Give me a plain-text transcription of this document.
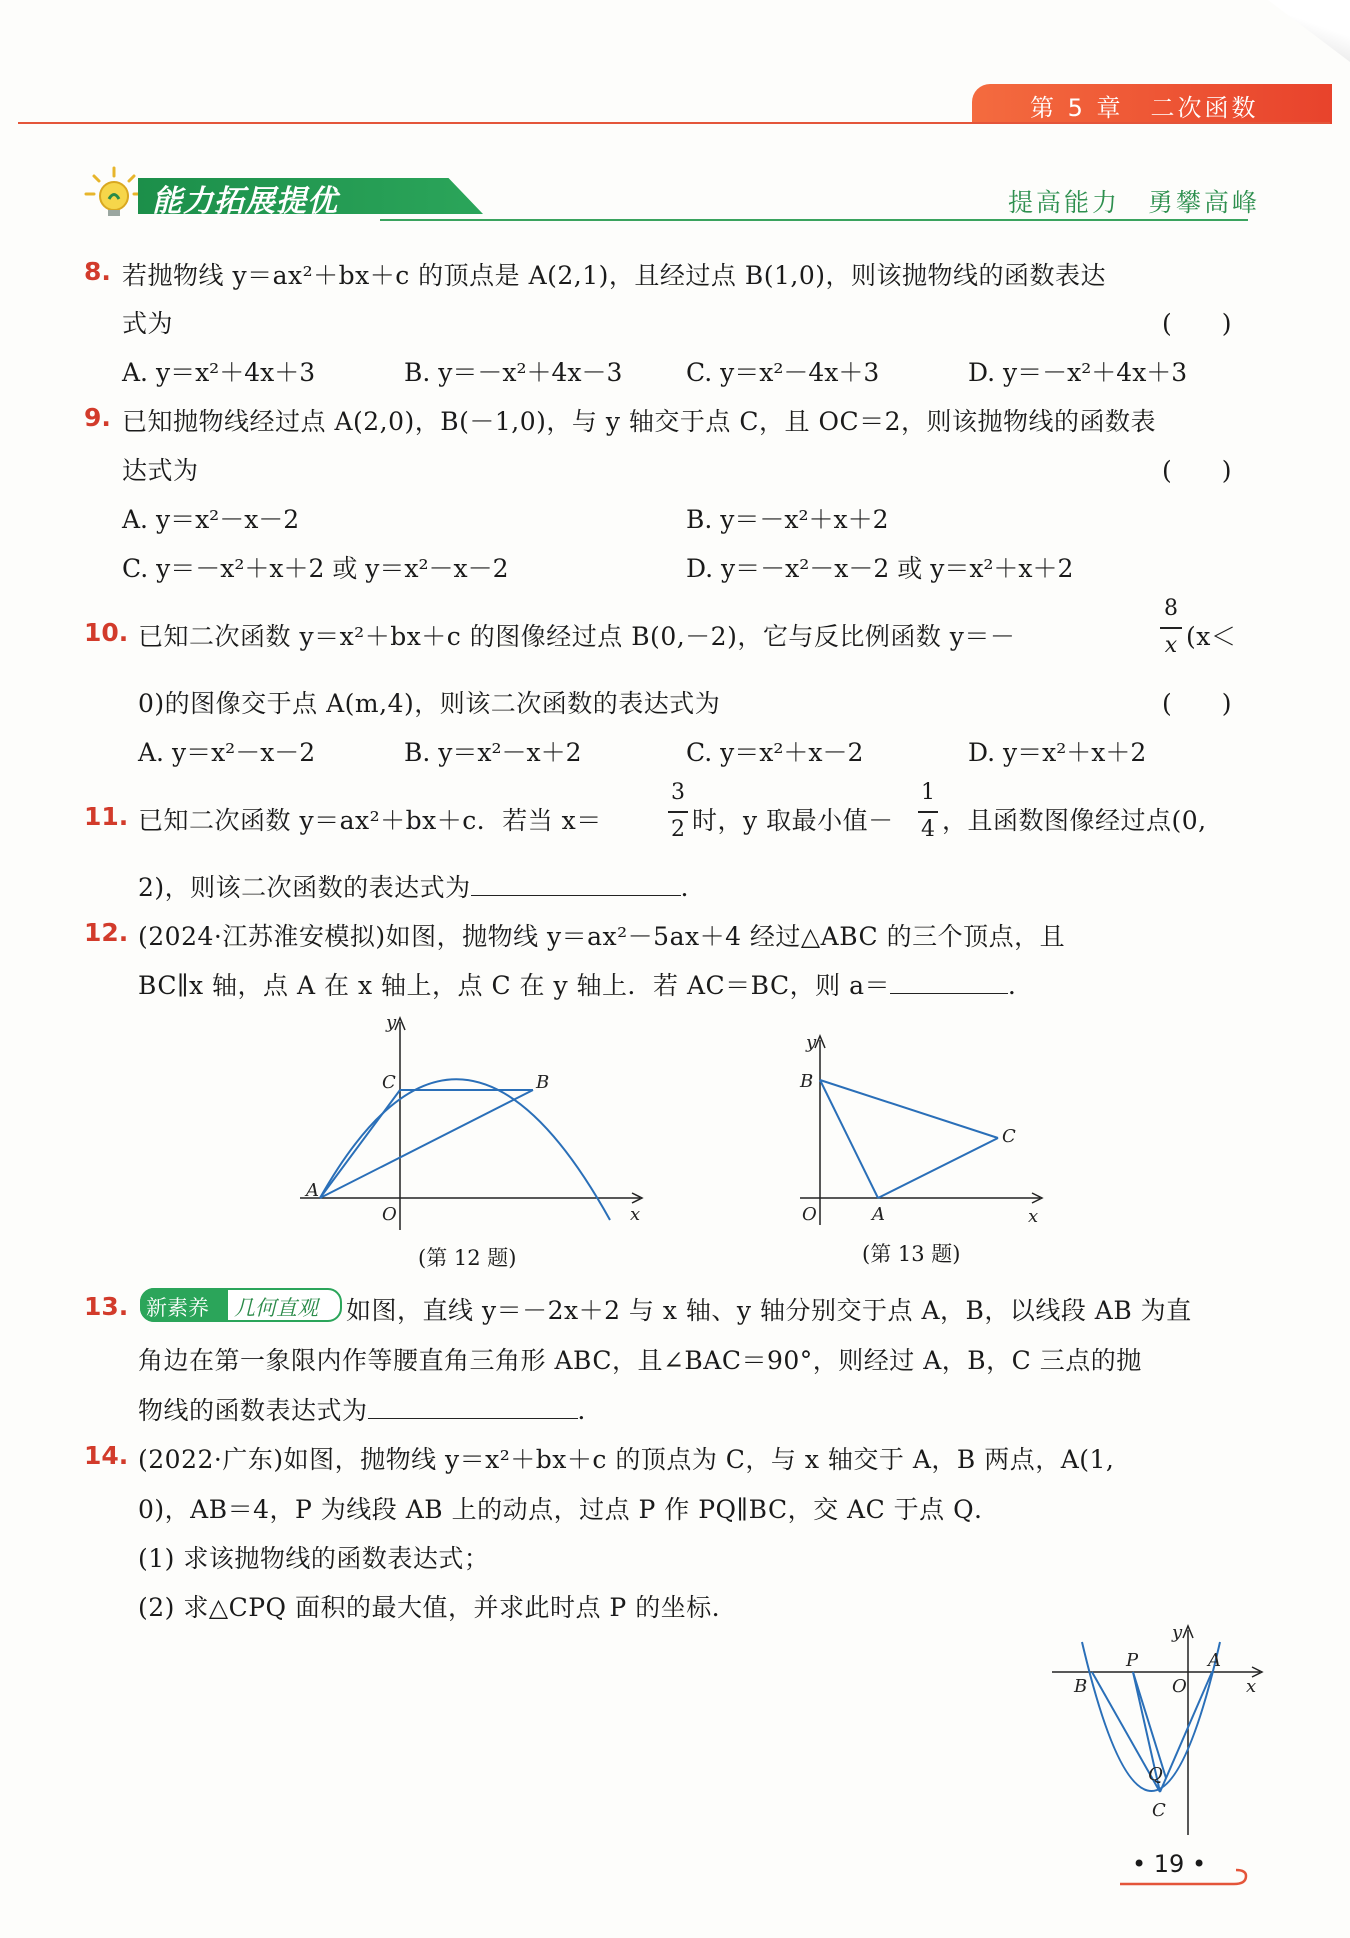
第 5 章　二次函数
能力拓展提优	提高能力　勇攀高峰
8. 若抛物线 y＝ax²＋bx＋c 的顶点是 A(2,1)，且经过点 B(1,0)，则该抛物线的函数表达
式为	(　　)
A. y＝x²＋4x＋3	B. y＝－x²＋4x－3	C. y＝x²－4x＋3	D. y＝－x²＋4x＋3
9. 已知抛物线经过点 A(2,0)，B(－1,0)，与 y 轴交于点 C，且 OC＝2，则该抛物线的函数表
达式为	(　　)
A. y＝x²－x－2	B. y＝－x²＋x＋2
C. y＝－x²＋x＋2 或 y＝x²－x－2	D. y＝－x²－x－2 或 y＝x²＋x＋2
10. 已知二次函数 y＝x²＋bx＋c 的图像经过点 B(0,－2)，它与反比例函数 y＝－
8
x (x＜
0)的图像交于点 A(m,4)，则该二次函数的表达式为	(　　)
A. y＝x²－x－2	B. y＝x²－x＋2	C. y＝x²＋x－2	D. y＝x²＋x＋2
11. 已知二次函数 y＝ax²＋bx＋c．若当 x＝
3
2 时，y 取最小值－
1
4 ，且函数图像经过点(0,
2)，则该二次函数的表达式为	．
12. (2024·江苏淮安模拟)如图，抛物线 y＝ax²－5ax＋4 经过△ABC 的三个顶点，且
BC∥x 轴，点 A 在 x 轴上，点 C 在 y 轴上．若 AC＝BC，则 a＝	．
y
x
O
A
C	B
(第 12 题)
y
x
O	A
B
C
(第 13 题)
13. 新素养 几何直观 如图，直线 y＝－2x＋2 与 x 轴、y 轴分别交于点 A，B，以线段 AB 为直
角边在第一象限内作等腰直角三角形 ABC，且∠BAC＝90°，则经过 A，B，C 三点的抛
物线的函数表达式为	．
14. (2022·广东)如图，抛物线 y＝x²＋bx＋c 的顶点为 C，与 x 轴交于 A，B 两点，A(1,
0)，AB＝4，P 为线段 AB 上的动点，过点 P 作 PQ∥BC，交 AC 于点 Q．
(1) 求该抛物线的函数表达式；
(2) 求△CPQ 面积的最大值，并求此时点 P 的坐标．
y
x
O
A
B
P
Q
C
• 19 •
